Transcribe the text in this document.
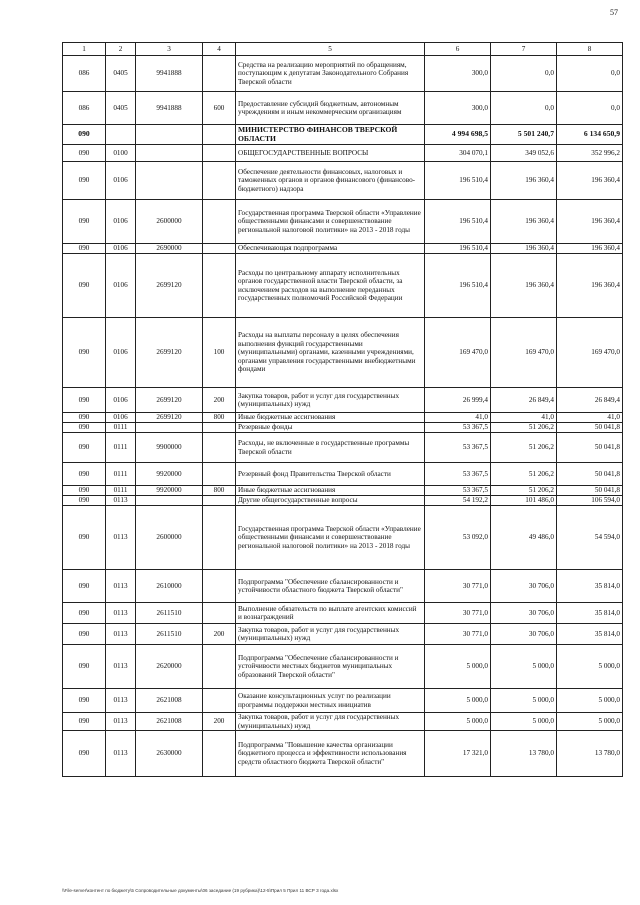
57
1	2	3	4	5	6	7	8
086	0405	9941888		Средства на реализацию мероприятий по обращениям, поступающим к депутатам Законодательного Собрания Тверской области	300,0	0,0	0,0
086	0405	9941888	600	Предоставление субсидий бюджетным, автономным учреждениям и иным некоммерческим организациям	300,0	0,0	0,0
090				МИНИСТЕРСТВО ФИНАНСОВ ТВЕРСКОЙ ОБЛАСТИ	4 994 698,5	5 501 240,7	6 134 650,9
090	0100			ОБЩЕГОСУДАРСТВЕННЫЕ ВОПРОСЫ	304 070,1	349 052,6	352 996,2
090	0106			Обеспечение деятельности финансовых, налоговых и таможенных органов и органов финансового (финансово-бюджетного) надзора	196 510,4	196 360,4	196 360,4
090	0106	2600000		Государственная программа Тверской области «Управление общественными финансами и совершенствование региональной налоговой политики» на 2013 - 2018 годы	196 510,4	196 360,4	196 360,4
090	0106	2690000		Обеспечивающая подпрограмма	196 510,4	196 360,4	196 360,4
090	0106	2699120		Расходы по центральному аппарату исполнительных органов государственной власти Тверской области, за исключением расходов на выполнение переданных государственных полномочий Российской Федерации	196 510,4	196 360,4	196 360,4
090	0106	2699120	100	Расходы на выплаты персоналу в целях обеспечения выполнения функций государственными (муниципальными) органами, казенными учреждениями, органами управления государственными внебюджетными фондами	169 470,0	169 470,0	169 470,0
090	0106	2699120	200	Закупка товаров, работ и услуг для государственных (муниципальных) нужд	26 999,4	26 849,4	26 849,4
090	0106	2699120	800	Иные бюджетные ассигнования	41,0	41,0	41,0
090	0111			Резервные фонды	53 367,5	51 206,2	50 041,8
090	0111	9900000		Расходы, не включенные в государственные программы Тверской области	53 367,5	51 206,2	50 041,8
090	0111	9920000		Резервный фонд Правительства Тверской области	53 367,5	51 206,2	50 041,8
090	0111	9920000	800	Иные бюджетные ассигнования	53 367,5	51 206,2	50 041,8
090	0113			Другие общегосударственные вопросы	54 192,2	101 486,0	106 594,0
090	0113	2600000		Государственная программа Тверской области «Управление общественными финансами и совершенствование региональной налоговой политики» на 2013 - 2018 годы	53 092,0	49 486,0	54 594,0
090	0113	2610000		Подпрограмма "Обеспечение сбалансированности и устойчивости областного бюджета Тверской области"	30 771,0	30 706,0	35 814,0
090	0113	2611510		Выполнение обязательств по выплате агентских комиссий и вознаграждений	30 771,0	30 706,0	35 814,0
090	0113	2611510	200	Закупка товаров, работ и услуг для государственных (муниципальных) нужд	30 771,0	30 706,0	35 814,0
090	0113	2620000		Подпрограмма "Обеспечение сбалансированности и устойчивости местных бюджетов муниципальных образований Тверской области"	5 000,0	5 000,0	5 000,0
090	0113	2621008		Оказание консультационных услуг по реализации программы поддержки местных инициатив	5 000,0	5 000,0	5 000,0
090	0113	2621008	200	Закупка товаров, работ и услуг для государственных (муниципальных) нужд	5 000,0	5 000,0	5 000,0
090	0113	2630000		Подпрограмма "Повышение качества организации бюджетного процесса и эффективности использования средств областного бюджета Тверской области"	17 321,0	13 780,0	13 780,0
\\File-server\контент по бюджету\5 Сопроводительные документы\06 заседание (19 рубрика)\12-5\Прил 5 Прил 11 ВСР 3 года.xlsx
